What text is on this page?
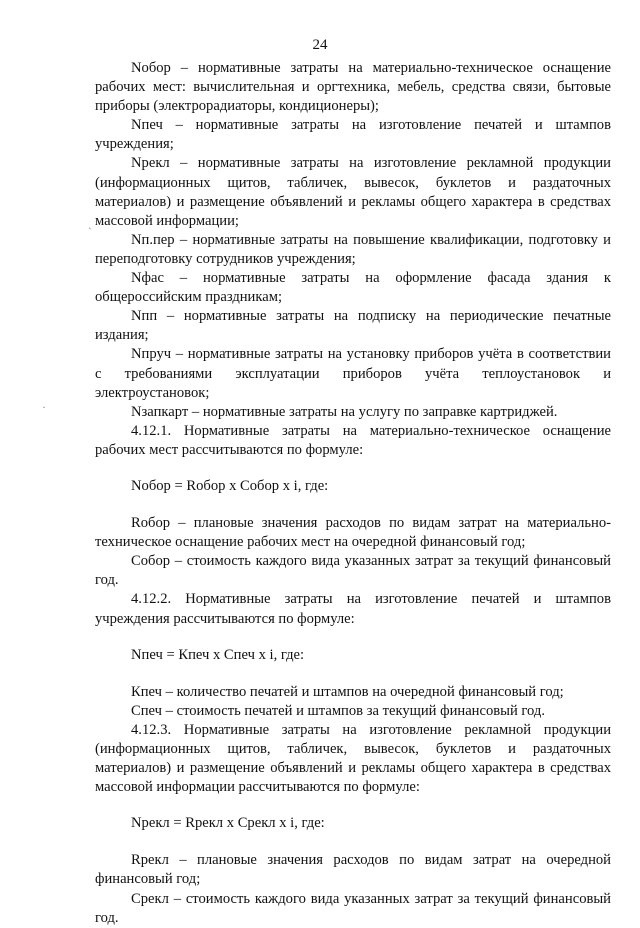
24
`
·

Nобор – нормативные затраты на материально-техническое оснащение рабочих мест: вычислительная и оргтехника, мебель, средства связи, бытовые приборы (электрорадиаторы, кондиционеры);

Nпеч – нормативные затраты на изготовление печатей и штампов учреждения;

Nрекл – нормативные затраты на изготовление рекламной продукции (информационных щитов, табличек, вывесок, буклетов и раздаточных материалов) и размещение объявлений и рекламы общего характера в средствах массовой информации;

Nп.пер – нормативные затраты на повышение квалификации, подготовку и переподготовку сотрудников учреждения;

Nфас – нормативные затраты на оформление фасада здания к общероссийским праздникам;

Nпп – нормативные затраты на подписку на периодические печатные издания;

Nпруч – нормативные затраты на установку приборов учёта в соответствии с требованиями эксплуатации приборов учёта теплоустановок и электроустановок;

Nзапкарт – нормативные затраты на услугу по заправке картриджей.

4.12.1. Нормативные затраты на материально-техническое оснащение рабочих мест рассчитываются по формуле:

Nобор = Rобор х Собор х i, где:

Rобор – плановые значения расходов по видам затрат на материально-техническое оснащение рабочих мест на очередной финансовый год;

Собор – стоимость каждого вида указанных затрат за текущий финансовый год.

4.12.2. Нормативные затраты на изготовление печатей и штампов учреждения рассчитываются по формуле:

Nпеч = Кпеч х Спеч х i, где:

Кпеч – количество печатей и штампов на очередной финансовый год;

Спеч – стоимость печатей и штампов за текущий финансовый год.

4.12.3. Нормативные затраты на изготовление рекламной продукции (информационных щитов, табличек, вывесок, буклетов и раздаточных материалов) и размещение объявлений и рекламы общего характера в средствах массовой информации рассчитываются по формуле:

Nрекл = Rрекл х Срекл х i, где:

Rрекл – плановые значения расходов по видам затрат на очередной финансовый год;

Срекл – стоимость каждого вида указанных затрат за текущий финансовый год.
